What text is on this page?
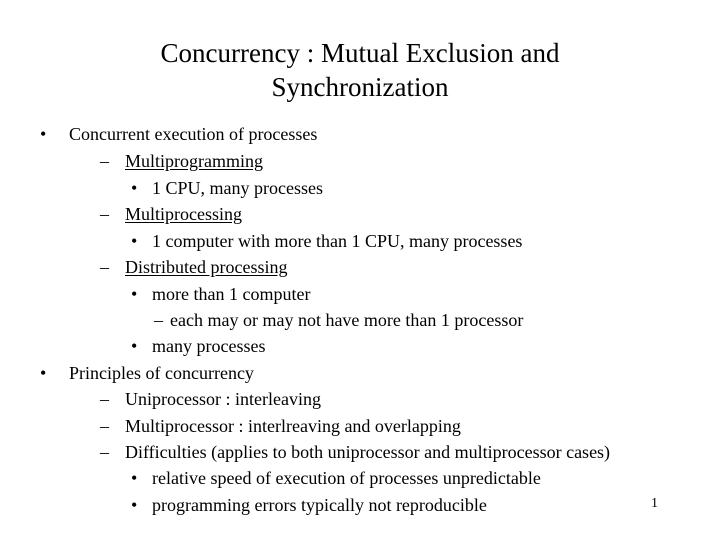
Concurrency : Mutual Exclusion and
Synchronization
• Concurrent execution of processes
– Multiprogramming
• 1 CPU, many processes
– Multiprocessing
• 1 computer with more than 1 CPU, many processes
– Distributed processing
• more than 1 computer
– each may or may not have more than 1 processor
• many processes
• Principles of concurrency
– Uniprocessor : interleaving
– Multiprocessor : interlreaving and overlapping
– Difficulties (applies to both uniprocessor and multiprocessor cases)
• relative speed of execution of processes unpredictable
• programming errors typically not reproducible	1
